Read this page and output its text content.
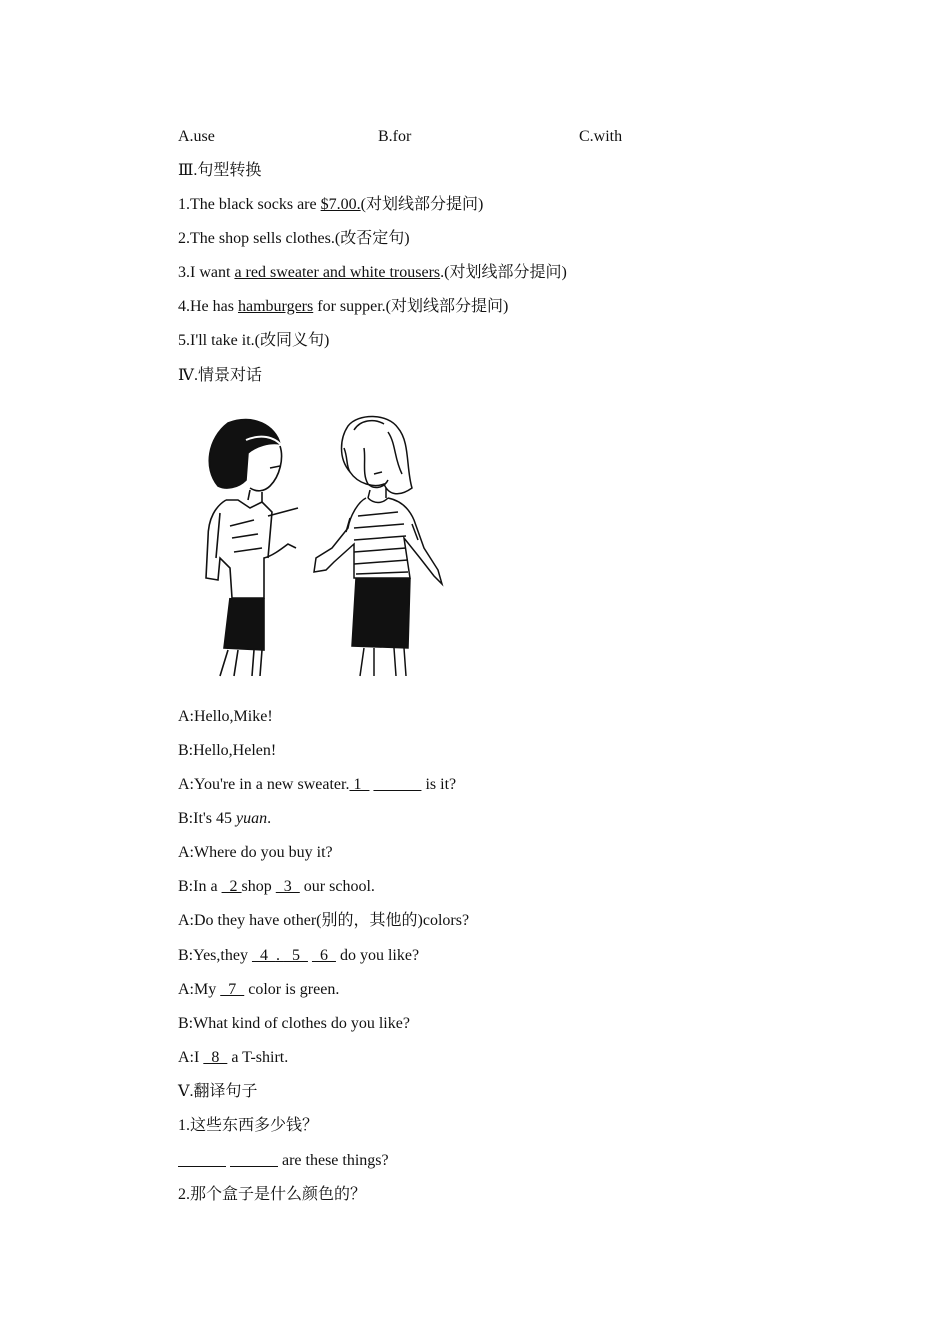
A.use	B.for	C.with
Ⅲ.句型转换
1.The black socks are $7.00.(对划线部分提问)
2.The shop sells clothes.(改否定句)
3.I want a red sweater and white trousers.(对划线部分提问)
4.He has hamburgers for supper.(对划线部分提问)
5.I'll take it.(改同义句)
Ⅳ.情景对话
A:Hello,Mike!
B:Hello,Helen!
A:You're in a new sweater. 1	is it?
B:It's 45 yuan.
A:Where do you buy it?
B:In a   2 shop   3   our school.
A:Do they have other(别的，其他的)colors?
B:Yes,they   4  .   5     6   do you like?
A:My   7   color is green.
B:What kind of clothes do you like?
A:I   8   a T-shirt.
Ⅴ.翻译句子
1.这些东西多少钱？
are these things?
2.那个盒子是什么颜色的？
